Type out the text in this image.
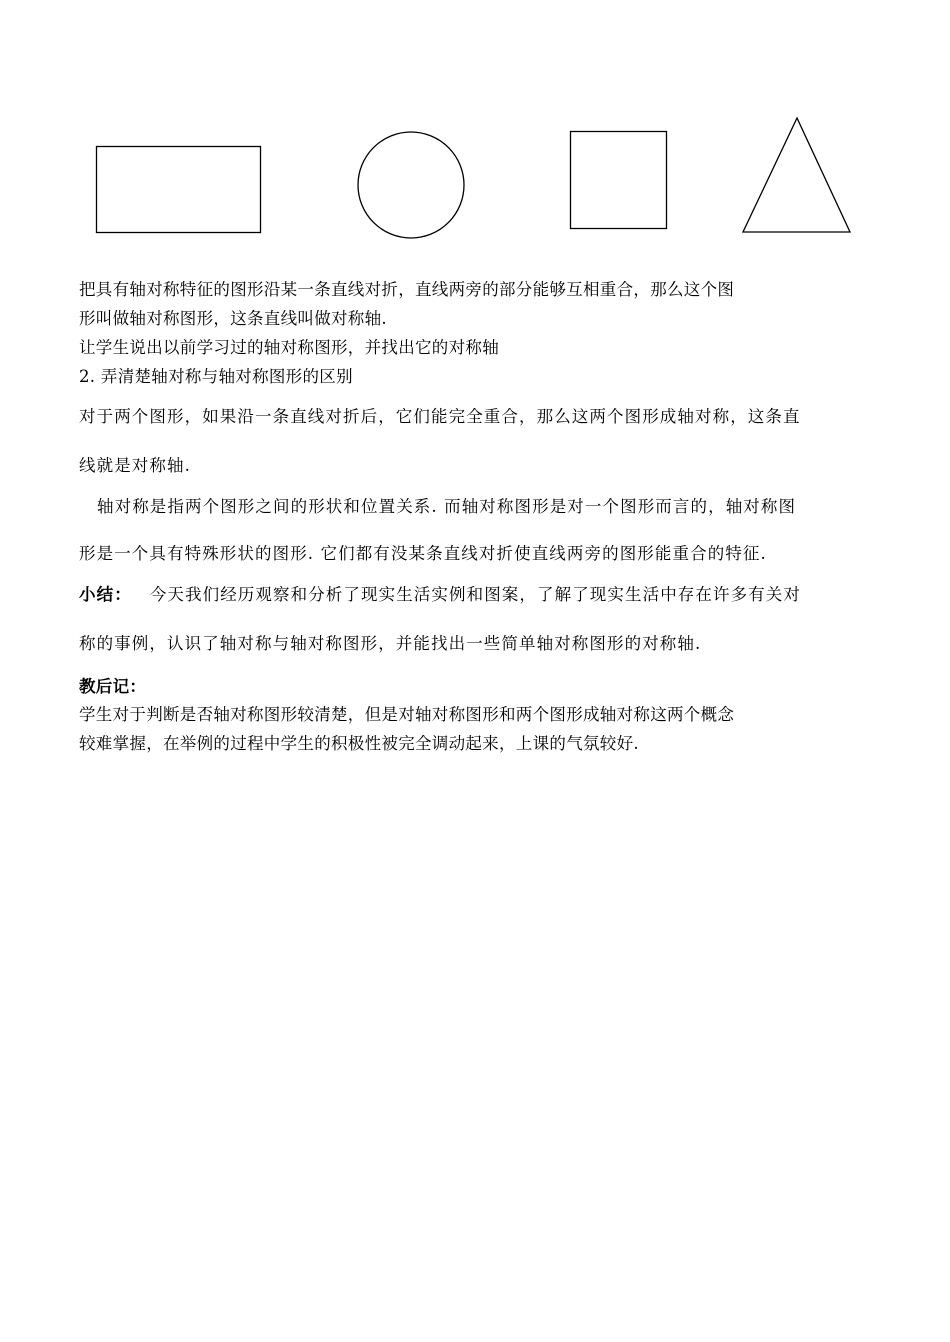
把具有轴对称特征的图形沿某一条直线对折，直线两旁的部分能够互相重合，那么这个图
形叫做轴对称图形，这条直线叫做对称轴.
让学生说出以前学习过的轴对称图形，并找出它的对称轴
2. 弄清楚轴对称与轴对称图形的区别
对于两个图形，如果沿一条直线对折后，它们能完全重合，那么这两个图形成轴对称，这条直
线就是对称轴.
轴对称是指两个图形之间的形状和位置关系. 而轴对称图形是对一个图形而言的，轴对称图
形是一个具有特殊形状的图形. 它们都有没某条直线对折使直线两旁的图形能重合的特征.
小结： 今天我们经历观察和分析了现实生活实例和图案，了解了现实生活中存在许多有关对
称的事例，认识了轴对称与轴对称图形，并能找出一些简单轴对称图形的对称轴.
教后记：
学生对于判断是否轴对称图形较清楚，但是对轴对称图形和两个图形成轴对称这两个概念
较难掌握，在举例的过程中学生的积极性被完全调动起来，上课的气氛较好.
